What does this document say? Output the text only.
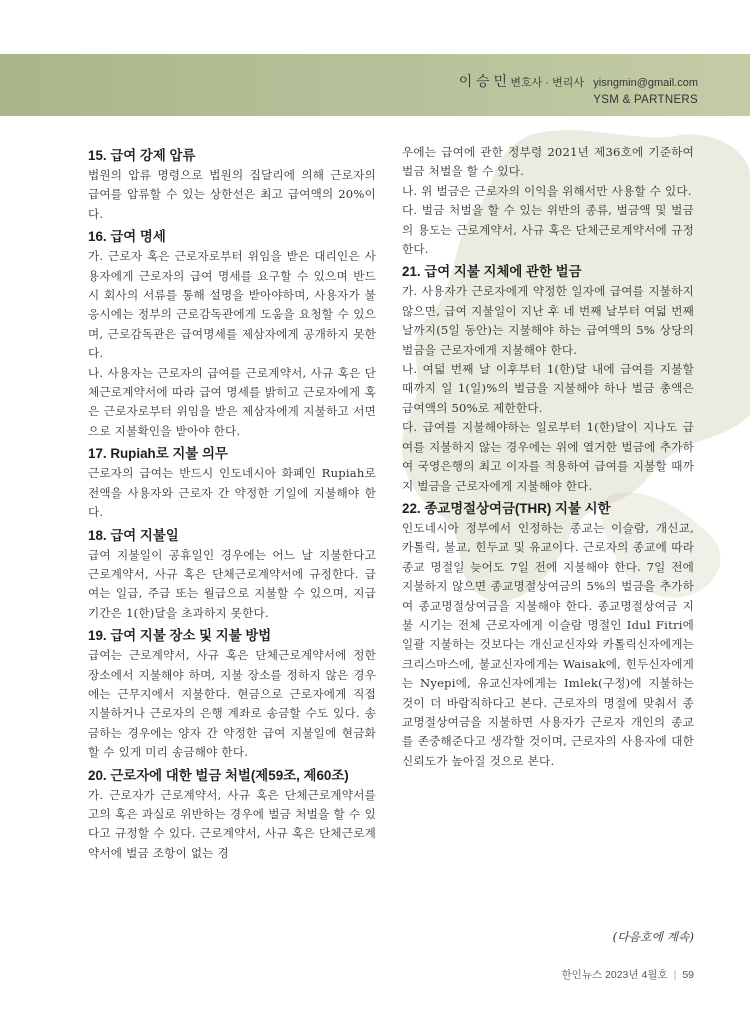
이 승 민 변호사 · 변리사 yisngmin@gmail.com
YSM & PARTNERS
15. 급여 강제 압류

법원의 압류 명령으로 법원의 집달리에 의해 근로자의 급여를 압류할 수 있는 상한선은 최고 급여액의 20%이다.

16. 급여 명세

가. 근로자 혹은 근로자로부터 위임을 받은 대리인은 사용자에게 근로자의 급여 명세를 요구할 수 있으며 반드시 회사의 서류를 통해 설명을 받아야하며, 사용자가 불응시에는 정부의 근로감독관에게 도움을 요청할 수 있으며, 근로감독관은 급여명세를 제삼자에게 공개하지 못한다.

나. 사용자는 근로자의 급여를 근로계약서, 사규 혹은 단체근로계약서에 따라 급여 명세를 밝히고 근로자에게 혹은 근로자로부터 위임을 받은 제삼자에게 지불하고 서면으로 지불확인을 받아야 한다.

17. Rupiah로 지불 의무

근로자의 급여는 반드시 인도네시아 화폐인 Rupiah로 전액을 사용자와 근로자 간 약정한 기일에 지불해야 한다.

18. 급여 지불일

급여 지불일이 공휴일인 경우에는 어느 날 지불한다고 근로계약서, 사규 혹은 단체근로계약서에 규정한다. 급여는 일급, 주급 또는 월급으로 지불할 수 있으며, 지급 기간은 1(한)달을 초과하지 못한다.

19. 급여 지불 장소 및 지불 방법

급여는 근로계약서, 사규 혹은 단체근로계약서에 정한 장소에서 지불해야 하며, 지불 장소를 정하지 않은 경우에는 근무지에서 지불한다. 현금으로 근로자에게 직접 지불하거나 근로자의 은행 계좌로 송금할 수도 있다. 송금하는 경우에는 양자 간 약정한 급여 지불일에 현금화할 수 있게 미리 송금해야 한다.

20. 근로자에 대한 벌금 처벌(제59조, 제60조)

가. 근로자가 근로계약서, 사규 혹은 단체근로계약서를 고의 혹은 과실로 위반하는 경우에 벌금 처벌을 할 수 있다고 규정할 수 있다. 근로계약서, 사규 혹은 단체근로계약서에 벌금 조항이 없는 경

우에는 급여에 관한 정부령 2021년 제36호에 기준하여 벌금 처벌을 할 수 있다.

나. 위 벌금은 근로자의 이익을 위해서만 사용할 수 있다.

다. 벌금 처벌을 할 수 있는 위반의 종류, 벌금액 및 벌금의 용도는 근로계약서, 사규 혹은 단체근로계약서에 규정한다.

21. 급여 지불 지체에 관한 벌금

가. 사용자가 근로자에게 약정한 일자에 급여를 지불하지 않으면, 급여 지불일이 지난 후 네 번째 날부터 여덟 번째 날까지(5일 동안)는 지불해야 하는 급여액의 5% 상당의 벌금을 근로자에게 지불해야 한다.

나. 여덟 번째 날 이후부터 1(한)달 내에 급여를 지불할 때까지 일 1(일)%의 벌금을 지불해야 하나 벌금 총액은 급여액의 50%로 제한한다.

다. 급여를 지불해야하는 일로부터 1(한)달이 지나도 급여를 지불하지 않는 경우에는 위에 열거한 벌금에 추가하여 국영은행의 최고 이자를 적용하여 급여를 지불할 때까지 벌금을 근로자에게 지불해야 한다.

22. 종교명절상여금(THR) 지불 시한

인도네시아 정부에서 인정하는 종교는 이슬람, 개신교, 카톨릭, 불교, 힌두교 및 유교이다. 근로자의 종교에 따라 종교 명절일 늦어도 7일 전에 지불해야 한다. 7일 전에 지불하지 않으면 종교명절상여금의 5%의 벌금을 추가하여 종교명절상여금을 지불해야 한다. 종교명절상여금 지불 시기는 전체 근로자에게 이슬람 명절인 Idul Fitri에 일괄 지불하는 것보다는 개신교신자와 카톨릭신자에게는 크리스마스에, 불교신자에게는 Waisak에, 힌두신자에게는 Nyepi에, 유교신자에게는 Imlek(구정)에 지불하는 것이 더 바람직하다고 본다. 근로자의 명절에 맞춰서 종교명절상여금을 지불하면 사용자가 근로자 개인의 종교를 존중해준다고 생각할 것이며, 근로자의 사용자에 대한 신뢰도가 높아질 것으로 본다.

(다음호에 계속)
한인뉴스 2023년 4월호 | 59
